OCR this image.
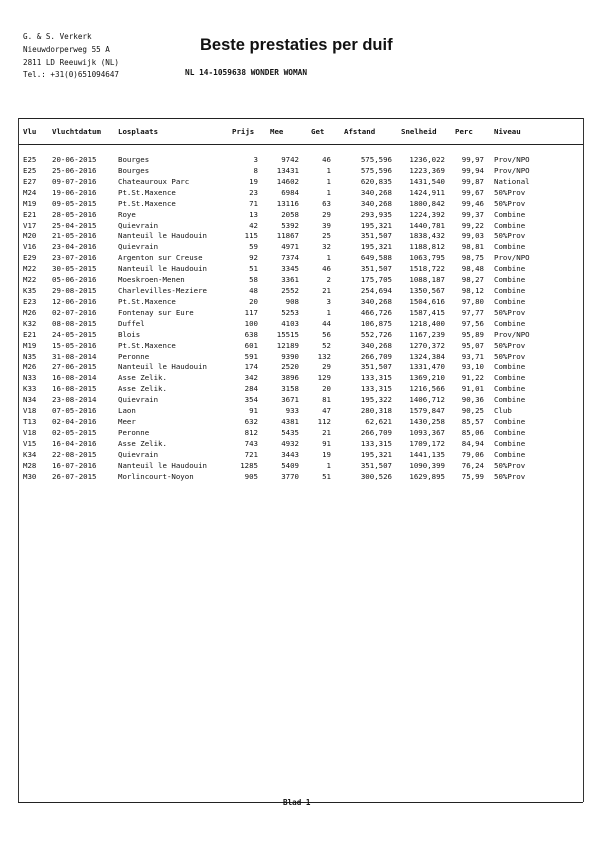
G. & S. Verkerk
Nieuwdorperweg 55 A
2811 LD Reeuwijk (NL)
Tel.: +31(0)651094647
Beste prestaties per duif
NL 14-1059638 WONDER WOMAN
Vlu Vluchtdatum Losplaats	Prijs	Mee	Get	Afstand	Snelheid	Perc	Niveau
E25 20-06-2015	Bourges	3	9742	46	575,596	1236,022	99,97 Prov/NPO
E25 25-06-2016	Bourges	8	13431	1	575,596	1223,369	99,94 Prov/NPO
E27 09-07-2016	Chateauroux Parc	19	14602	1	620,835	1431,540	99,87 National
M24 19-06-2016	Pt.St.Maxence	23	6984	1	340,268	1424,911	99,67 50%Prov
M19 09-05-2015	Pt.St.Maxence	71	13116	63	340,268	1800,842	99,46 50%Prov
E21 28-05-2016	Roye	13	2058	29	293,935	1224,392	99,37 Combine
V17 25-04-2015	Quievrain	42	5392	39	195,321	1440,781	99,22 Combine
M20 21-05-2016	Nanteuil le Haudouin	115	11867	25	351,507	1838,432	99,03 50%Prov
V16 23-04-2016	Quievrain	59	4971	32	195,321	1188,812	98,81 Combine
E29 23-07-2016	Argenton sur Creuse	92	7374	1	649,588	1063,795	98,75 Prov/NPO
M22 30-05-2015	Nanteuil le Haudouin	51	3345	46	351,507	1518,722	98,48 Combine
M22 05-06-2016	Moeskroen-Menen	58	3361	2	175,705	1088,187	98,27 Combine
K35 29-08-2015	Charlevilles-Meziere	48	2552	21	254,694	1350,567	98,12 Combine
E23 12-06-2016	Pt.St.Maxence	20	908	3	340,268	1504,616	97,80 Combine
M26 02-07-2016	Fontenay sur Eure	117	5253	1	466,726	1587,415	97,77 50%Prov
K32 08-08-2015	Duffel	100	4103	44	106,875	1218,400	97,56 Combine
E21 24-05-2015	Blois	638	15515	56	552,726	1167,239	95,89 Prov/NPO
M19 15-05-2016	Pt.St.Maxence	601	12189	52	340,268	1270,372	95,07 50%Prov
N35 31-08-2014	Peronne	591	9390	132	266,709	1324,384	93,71 50%Prov
M26 27-06-2015	Nanteuil le Haudouin	174	2520	29	351,507	1331,470	93,10 Combine
N33 16-08-2014	Asse Zelik.	342	3896	129	133,315	1369,210	91,22 Combine
K33 16-08-2015	Asse Zelik.	284	3158	20	133,315	1216,566	91,01 Combine
N34 23-08-2014	Quievrain	354	3671	81	195,322	1406,712	90,36 Combine
V18 07-05-2016	Laon	91	933	47	280,318	1579,847	90,25 Club
T13 02-04-2016	Meer	632	4381	112	62,621	1430,258	85,57 Combine
V18 02-05-2015	Peronne	812	5435	21	266,709	1093,367	85,06 Combine
V15 16-04-2016	Asse Zelik.	743	4932	91	133,315	1709,172	84,94 Combine
K34 22-08-2015	Quievrain	721	3443	19	195,321	1441,135	79,06 Combine
M28 16-07-2016	Nanteuil le Haudouin	1285	5409	1	351,507	1090,399	76,24 50%Prov
M30 26-07-2015	Morlincourt-Noyon	905	3770	51	300,526	1629,895	75,99 50%Prov
Blad 1
